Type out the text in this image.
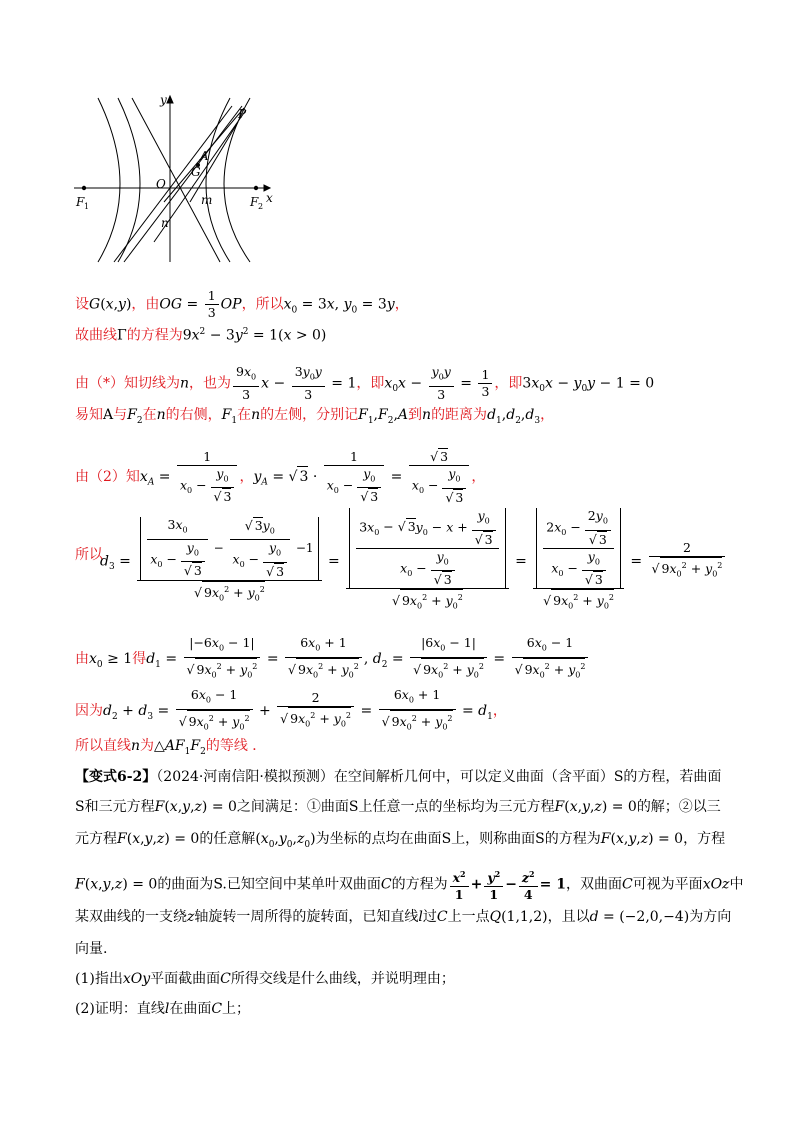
y
x
P
A
G
O
F 1	F 2
m
n
设G(x,y)，由OG = $\frac{1}{3}$ OP，所以$x_0 = 3x$, $y_0 = 3y$，
故曲线Γ的方程为$9x^2 - 3y^2 = 1(x > 0)$
由（*）知切线为n，也为 $\frac{9x_0}{3}$ $x - \frac{3y_0y}{3} = 1$，即$x_0x - \frac{y_0y}{3} = \frac{1}{3}$ ，即$3x_0x - y_0y - 1 = 0$
易知A与$F_2$在n的右侧，$F_1$在n的左侧，分别记$F_1,F_2,A$到n的距离为$d_1,d_2,d_3$，
由（2）知$x_A = \frac{1}{x_0 - \frac{y_0}{√ 3}}$ ，$y_A$ = √ $3 \cdot \frac{1}{x_0 - \frac{y_0}{√ 3}} = \frac{√ 3}{x_0 - \frac{y_0}{√ 3}}$ ，
所以
$d_3 = \frac{\frac{3x_0}{x_0 - \frac{y_0}{√ 3}} - \frac{√ 3y_0}{x_0 - \frac{y_0}{√ 3}} -1}{√ 9x_0^2 + y_0^2} = \frac{\frac{3x_0 - √ 3y_0 - x + \frac{y_0}{√ 3}}{x_0 - \frac{y_0}{√ 3}}}{√ 9x_0^2 + y_0^2} = \frac{\frac{2x_0 - \frac{2y_0}{√ 3}}{x_0 - \frac{y_0}{√ 3}}}{√ 9x_0^2 + y_0^2} = \frac{2}{√ 9x_0^2 + y_0^2}$
由$x_0 \ge 1$得$d_1 = \frac{|-6x_0 - 1|}{√ 9x_0^2 + y_0^2} = \frac{6x_0 + 1}{√ 9x_0^2 + y_0^2}$ , $d_2 = \frac{|6x_0 - 1|}{√ 9x_0^2 + y_0^2} = \frac{6x_0 - 1}{√ 9x_0^2 + y_0^2}$
因为$d_2 + d_3 = \frac{6x_0 - 1}{√ 9x_0^2 + y_0^2} + \frac{2}{√ 9x_0^2 + y_0^2} = \frac{6x_0 + 1}{√ 9x_0^2 + y_0^2} = d_1$，
所以直线n为$\triangle AF_1F_2$的等线 ．
【变式6-2】（2024·河南信阳·模拟预测）在空间解析几何中，可以定义曲面（含平面）S的方程，若曲面
S和三元方程F(x,y,z) = 0之间满足：①曲面S上任意一点的坐标均为三元方程F(x,y,z) = 0的解；②以三
元方程F(x,y,z) = 0的任意解$(x_0,y_0,z_0)$为坐标的点均在曲面S上，则称曲面S的方程为F(x,y,z) = 0，方程
F(x,y,z) = 0的曲面为S.已知空间中某单叶双曲面C的方程为 $\frac{x^2}{1} + \frac{y^2}{1} - \frac{z^2}{4} = 1$，双曲面C可视为平面xOz中
某双曲线的一支绕z轴旋转一周所得的旋转面，已知直线l过C上一点Q(1,1,2)，且以d = (−2,0,−4)为方向
向量.
(1)指出xOy平面截曲面C所得交线是什么曲线，并说明理由；
(2)证明：直线l在曲面C上；
